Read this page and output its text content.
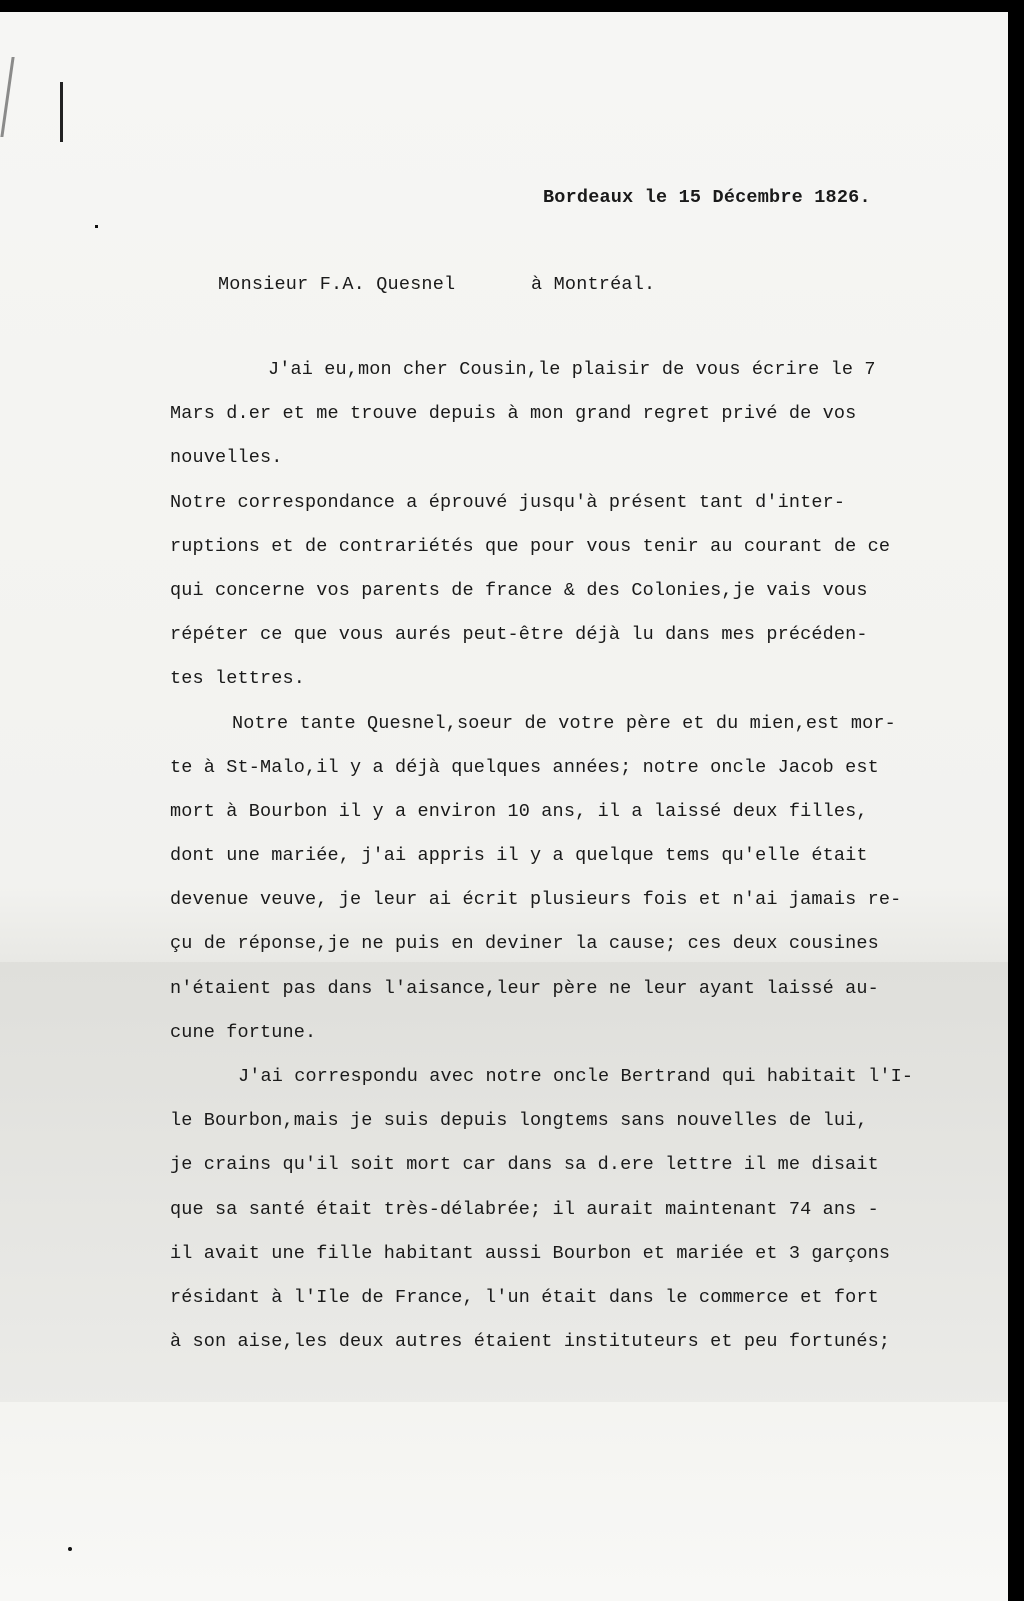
Bordeaux le 15 Décembre 1826.
Monsieur F.A. Quesnel	à Montréal.
J'ai eu,mon cher Cousin,le plaisir de vous écrire le 7
Mars d.er et me trouve depuis à mon grand regret privé de vos
nouvelles.
Notre correspondance a éprouvé jusqu'à présent tant d'inter-
ruptions et de contrariétés que pour vous tenir au courant de ce
qui concerne vos parents de france & des Colonies,je vais vous
répéter ce que vous aurés peut-être déjà lu dans mes précéden-
tes lettres.
Notre tante Quesnel,soeur de votre père et du mien,est mor-
te à St-Malo,il y a déjà quelques années; notre oncle Jacob est
mort à Bourbon il y a environ 10 ans, il a laissé deux filles,
dont une mariée, j'ai appris il y a quelque tems qu'elle était
devenue veuve, je leur ai écrit plusieurs fois et n'ai jamais re-
çu de réponse,je ne puis en deviner la cause; ces deux cousines
n'étaient pas dans l'aisance,leur père ne leur ayant laissé au-
cune fortune.
J'ai correspondu avec notre oncle Bertrand qui habitait l'I-
le Bourbon,mais je suis depuis longtems sans nouvelles de lui,
je crains qu'il soit mort car dans sa d.ere lettre il me disait
que sa santé était très-délabrée; il aurait maintenant 74 ans -
il avait une fille habitant aussi Bourbon et mariée et 3 garçons
résidant à l'Ile de France, l'un était dans le commerce et fort
à son aise,les deux autres étaient instituteurs et peu fortunés;
